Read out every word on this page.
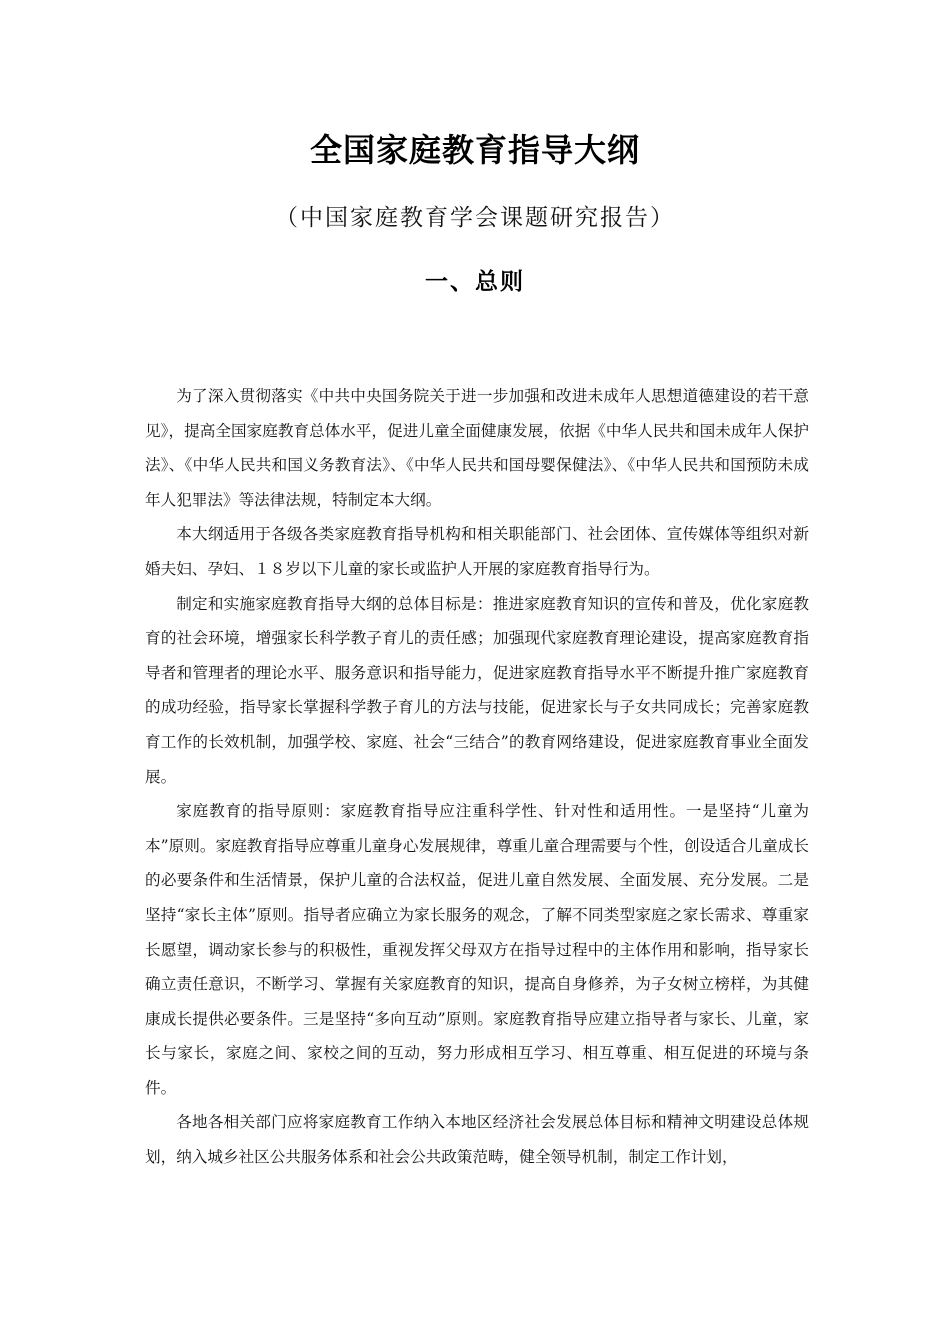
全国家庭教育指导大纲
（中国家庭教育学会课题研究报告）
一、总则

为了深入贯彻落实《中共中央国务院关于进一步加强和改进未成年人思想道德建设的若干意见》，提高全国家庭教育总体水平，促进儿童全面健康发展，依据《中华人民共和国未成年人保护法》、《中华人民共和国义务教育法》、《中华人民共和国母婴保健法》、《中华人民共和国预防未成年人犯罪法》等法律法规，特制定本大纲。

本大纲适用于各级各类家庭教育指导机构和相关职能部门、社会团体、宣传媒体等组织对新婚夫妇、孕妇、１８岁以下儿童的家长或监护人开展的家庭教育指导行为。

制定和实施家庭教育指导大纲的总体目标是：推进家庭教育知识的宣传和普及，优化家庭教育的社会环境，增强家长科学教子育儿的责任感；加强现代家庭教育理论建设，提高家庭教育指导者和管理者的理论水平、服务意识和指导能力，促进家庭教育指导水平不断提升推广家庭教育的成功经验，指导家长掌握科学教子育儿的方法与技能，促进家长与子女共同成长；完善家庭教育工作的长效机制，加强学校、家庭、社会“三结合”的教育网络建设，促进家庭教育事业全面发展。

家庭教育的指导原则：家庭教育指导应注重科学性、针对性和适用性。一是坚持“儿童为本”原则。家庭教育指导应尊重儿童身心发展规律，尊重儿童合理需要与个性，创设适合儿童成长的必要条件和生活情景，保护儿童的合法权益，促进儿童自然发展、全面发展、充分发展。二是坚持“家长主体”原则。指导者应确立为家长服务的观念，了解不同类型家庭之家长需求、尊重家长愿望，调动家长参与的积极性，重视发挥父母双方在指导过程中的主体作用和影响，指导家长确立责任意识，不断学习、掌握有关家庭教育的知识，提高自身修养，为子女树立榜样，为其健康成长提供必要条件。三是坚持“多向互动”原则。家庭教育指导应建立指导者与家长、儿童，家长与家长，家庭之间、家校之间的互动，努力形成相互学习、相互尊重、相互促进的环境与条件。

各地各相关部门应将家庭教育工作纳入本地区经济社会发展总体目标和精神文明建设总体规划，纳入城乡社区公共服务体系和社会公共政策范畴，健全领导机制，制定工作计划，
